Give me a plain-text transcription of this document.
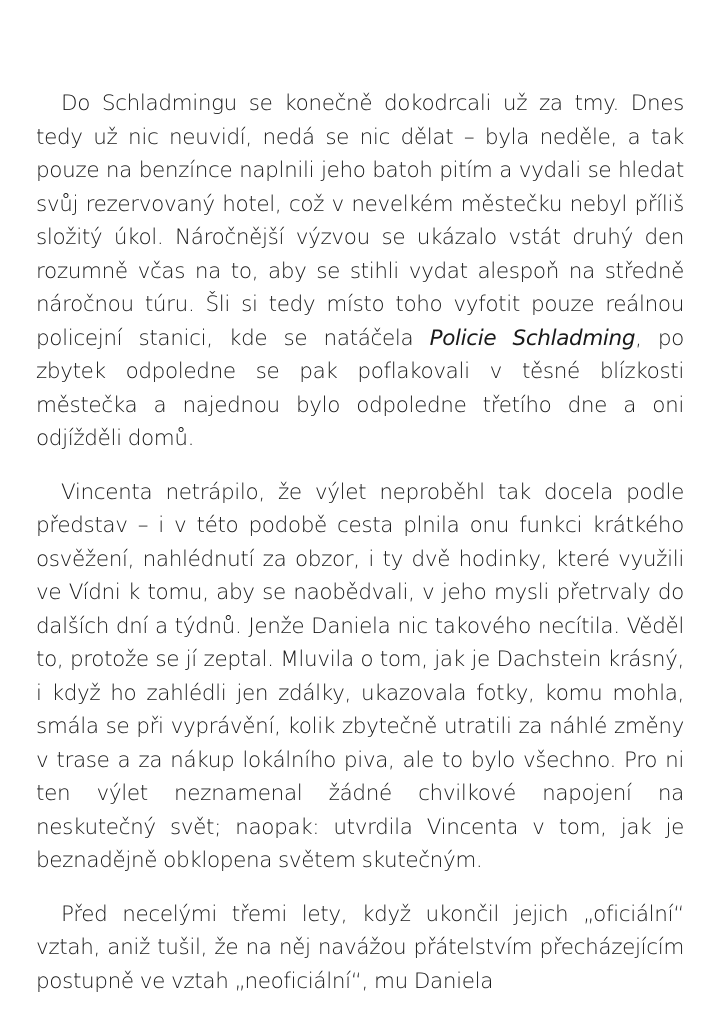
Do Schladmingu se konečně dokodrcali už za tmy. Dnes tedy už nic neuvidí, nedá se nic dělat – byla neděle, a tak pouze na benzínce naplnili jeho batoh pitím a vydali se hledat svůj rezervovaný hotel, což v nevelkém městečku nebyl příliš složitý úkol. Náročnější výzvou se ukázalo vstát druhý den rozumně včas na to, aby se stihli vydat alespoň na středně náročnou túru. Šli si tedy místo toho vyfotit pouze reálnou policejní stanici, kde se natáčela Policie Schladming, po zbytek odpoledne se pak poflakovali v těsné blízkosti městečka a najednou bylo odpoledne třetího dne a oni odjížděli domů.

Vincenta netrápilo, že výlet neproběhl tak docela podle představ – i v této podobě cesta plnila onu funkci krátkého osvěžení, nahlédnutí za obzor, i ty dvě hodinky, které využili ve Vídni k tomu, aby se naobědvali, v jeho mysli přetrvaly do dalších dní a týdnů. Jenže Daniela nic takového necítila. Věděl to, protože se jí zeptal. Mluvila o tom, jak je Dachstein krásný, i když ho zahlédli jen zdálky, ukazovala fotky, komu mohla, smála se při vyprávění, kolik zbytečně utratili za náhlé změny v trase a za nákup lokálního piva, ale to bylo všechno. Pro ni ten výlet neznamenal žádné chvilkové napojení na neskutečný svět; naopak: utvrdila Vincenta v tom, jak je beznadějně obklopena světem skutečným.

Před necelými třemi lety, když ukončil jejich „oficiální“ vztah, aniž tušil, že na něj navážou přátelstvím přecházejícím postupně ve vztah „neoficiální“, mu Daniela
